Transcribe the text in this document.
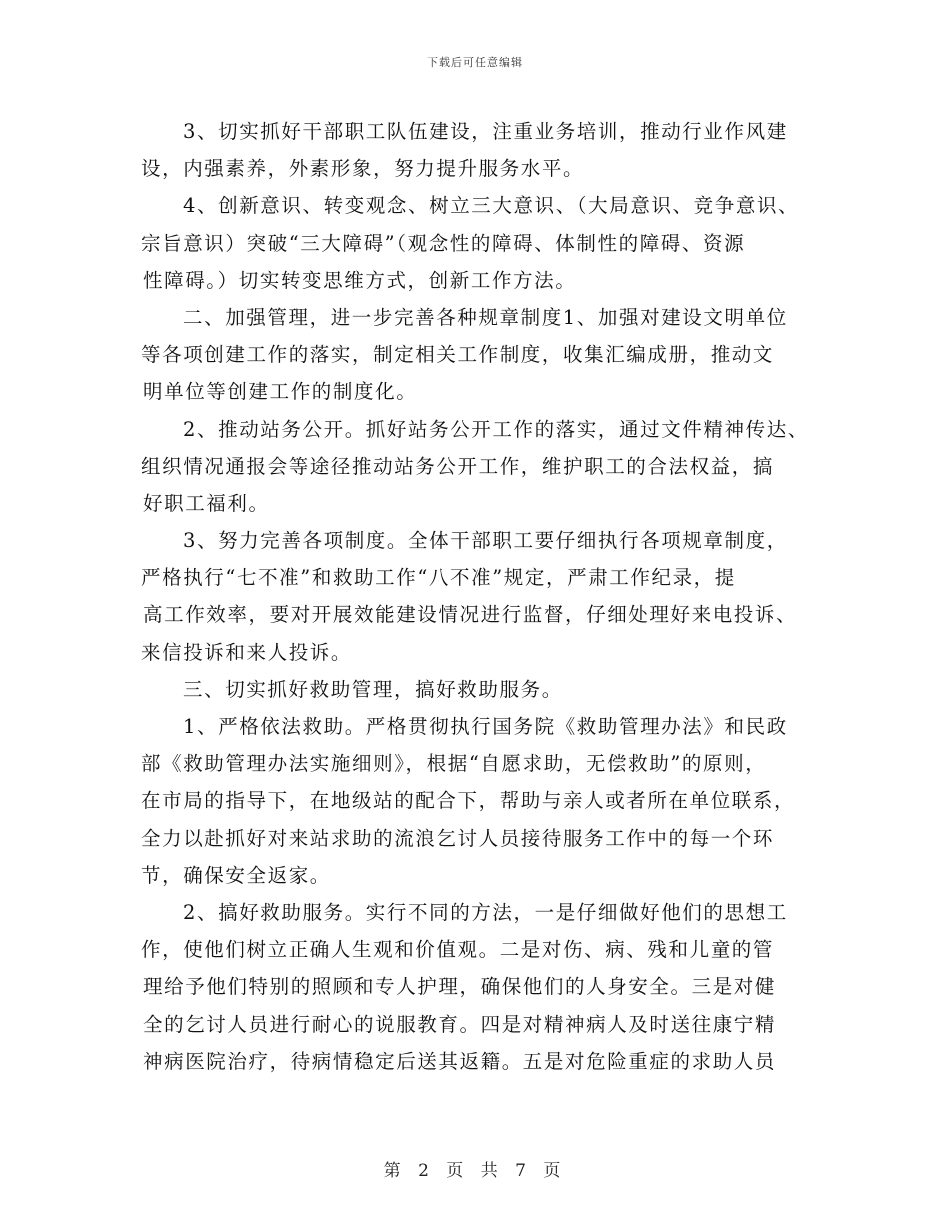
下载后可任意编辑
3、切实抓好干部职工队伍建设，注重业务培训，推动行业作风建
设，内强素养，外素形象，努力提升服务水平。
4、创新意识、转变观念、树立三大意识、（大局意识、竞争意识、
宗旨意识）突破“三大障碍”（观念性的障碍、体制性的障碍、资源
性障碍。）切实转变思维方式，创新工作方法。
二、加强管理，进一步完善各种规章制度1、加强对建设文明单位
等各项创建工作的落实，制定相关工作制度，收集汇编成册，推动文
明单位等创建工作的制度化。
2、推动站务公开。抓好站务公开工作的落实，通过文件精神传达、
组织情况通报会等途径推动站务公开工作，维护职工的合法权益，搞
好职工福利。
3、努力完善各项制度。全体干部职工要仔细执行各项规章制度，
严格执行“七不准”和救助工作“八不准”规定，严肃工作纪录，提
高工作效率，要对开展效能建设情况进行监督，仔细处理好来电投诉、
来信投诉和来人投诉。
三、切实抓好救助管理，搞好救助服务。
1、严格依法救助。严格贯彻执行国务院《救助管理办法》和民政
部《救助管理办法实施细则》，根据“自愿求助，无偿救助”的原则，
在市局的指导下，在地级站的配合下，帮助与亲人或者所在单位联系，
全力以赴抓好对来站求助的流浪乞讨人员接待服务工作中的每一个环
节，确保安全返家。
2、搞好救助服务。实行不同的方法，一是仔细做好他们的思想工
作，使他们树立正确人生观和价值观。二是对伤、病、残和儿童的管
理给予他们特别的照顾和专人护理，确保他们的人身安全。三是对健
全的乞讨人员进行耐心的说服教育。四是对精神病人及时送往康宁精
神病医院治疗，待病情稳定后送其返籍。五是对危险重症的求助人员
第 2 页 共 7 页
